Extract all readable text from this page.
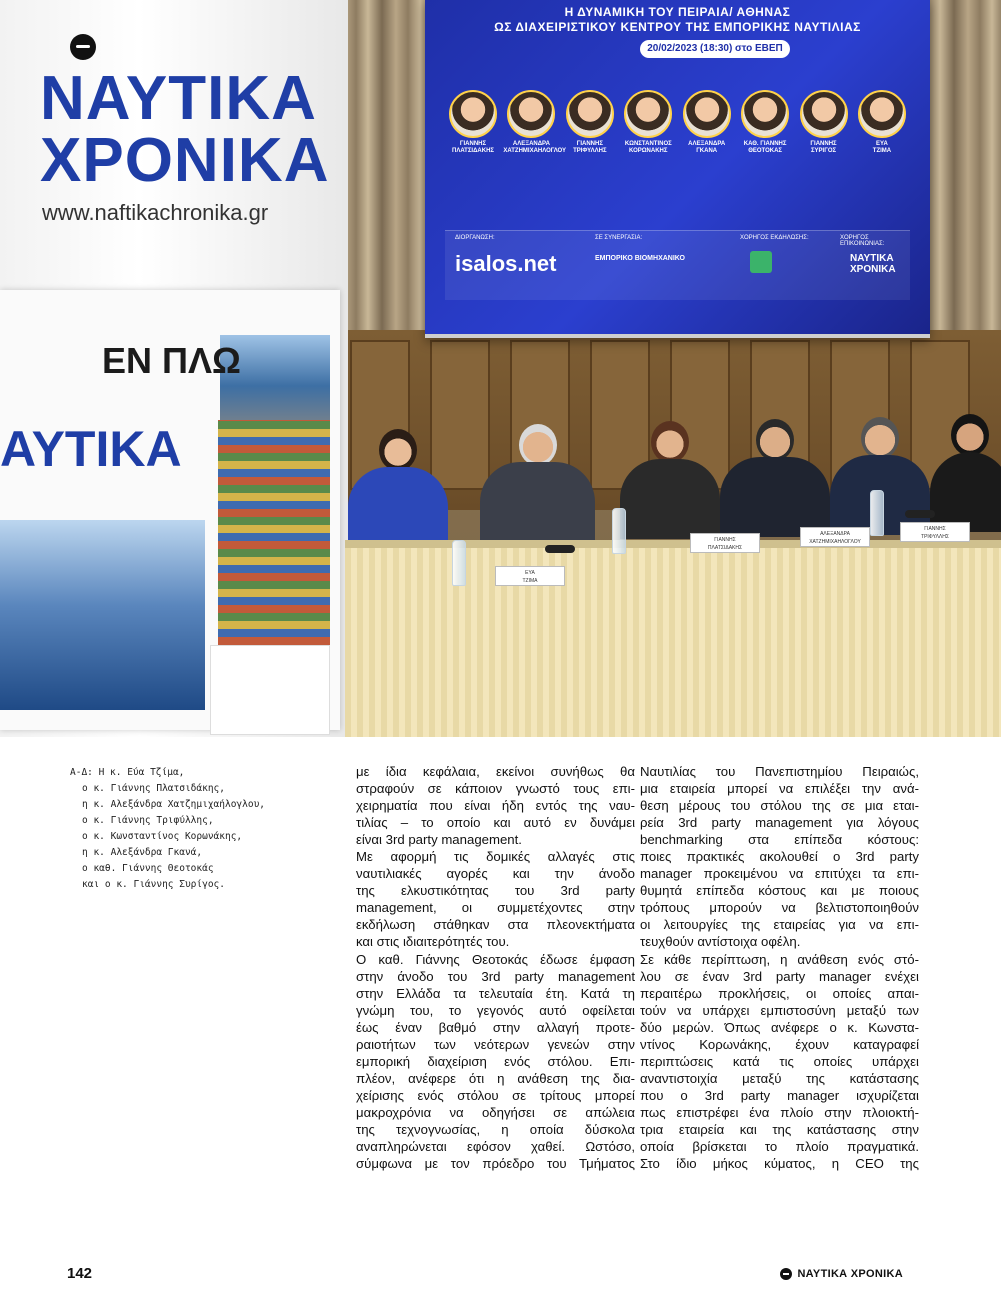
Η ΔΥΝΑΜΙΚΗ ΤΟΥ ΠΕΙΡΑΙΑ/ ΑΘΗΝΑΣ
ΩΣ ΔΙΑΧΕΙΡΙΣΤΙΚΟΥ ΚΕΝΤΡΟΥ ΤΗΣ ΕΜΠΟΡΙΚΗΣ ΝΑΥΤΙΛΙΑΣ
20/02/2023 (18:30) στο ΕΒΕΠ
ΓΙΑΝΝΗΣ
ΠΛΑΤΣΙΔΑΚΗΣ
ΑΛΕΞΑΝΔΡΑ
ΧΑΤΖΗΜΙΧΑΗΛΟΓΛΟΥ
ΓΙΑΝΝΗΣ
ΤΡΙΦΥΛΛΗΣ
ΚΩΝΣΤΑΝΤΙΝΟΣ
ΚΟΡΩΝΑΚΗΣ
ΑΛΕΞΑΝΔΡΑ
ΓΚΑΝΑ
ΚΑΘ. ΓΙΑΝΝΗΣ
ΘΕΟΤΟΚΑΣ
ΓΙΑΝΝΗΣ
ΣΥΡΙΓΟΣ
ΕΥΑ
ΤΖΙΜΑ
ΔΙΟΡΓΑΝΩΣΗ:
isalos.net
ΣΕ ΣΥΝΕΡΓΑΣΙΑ:
ΕΜΠΟΡΙΚΟ ΒΙΟΜΗΧΑΝΙΚΟ
ΧΟΡΗΓΟΣ ΕΚΔΗΛΩΣΗΣ:	ΧΟΡΗΓΟΣ ΕΠΙΚΟΙΝΩΝΙΑΣ:
ΝΑΥΤΙΚΑ
ΧΡΟΝΙΚΑ
ΝΑΥΤΙΚΑ
ΧΡΟΝΙΚΑ
www.naftikachronika.gr
ΕΝ ΠΛΩ
ΑΥΤΙΚΑ
ΕΥΑ
ΤΖΙΜΑ
ΓΙΑΝΝΗΣ
ΠΛΑΤΣΙΔΑΚΗΣ
ΑΛΕΞΑΝΔΡΑ
ΧΑΤΖΗΜΙΧΑΗΛΟΓΛΟΥ
ΓΙΑΝΝΗΣ
ΤΡΙΦΥΛΛΗΣ
Α-Δ: Η κ. Εύα Τζίμα,
ο κ. Γιάννης Πλατσιδάκης,
η κ. Αλεξάνδρα Χατζημιχαήλογλου,
ο κ. Γιάννης Τριφύλλης,
ο κ. Κωνσταντίνος Κορωνάκης,
η κ. Αλεξάνδρα Γκανά,
ο καθ. Γιάννης Θεοτοκάς
και ο κ. Γιάννης Συρίγος.
με ίδια κεφάλαια, εκείνοι συνήθως θα
στραφούν σε κάποιον γνωστό τους επι-
χειρηματία που είναι ήδη εντός της ναυ-
τιλίας – το οποίο και αυτό εν δυνάμει
είναι 3rd party management.
Με αφορμή τις δομικές αλλαγές στις
ναυτιλιακές αγορές και την άνοδο
της ελκυστικότητας του 3rd party
management, οι συμμετέχοντες στην
εκδήλωση στάθηκαν στα πλεονεκτήματα
και στις ιδιαιτερότητές του.
Ο καθ. Γιάννης Θεοτοκάς έδωσε έμφαση
στην άνοδο του 3rd party management
στην Ελλάδα τα τελευταία έτη. Κατά τη
γνώμη του, το γεγονός αυτό οφείλεται
έως έναν βαθμό στην αλλαγή προτε-
ραιοτήτων των νεότερων γενεών στην
εμπορική διαχείριση ενός στόλου. Επι-
πλέον, ανέφερε ότι η ανάθεση της δια-
χείρισης ενός στόλου σε τρίτους μπορεί
μακροχρόνια να οδηγήσει σε απώλεια
της τεχνογνωσίας, η οποία δύσκολα
αναπληρώνεται εφόσον χαθεί. Ωστόσο,
σύμφωνα με τον πρόεδρο του Τμήματος
Ναυτιλίας του Πανεπιστημίου Πειραιώς,
μια εταιρεία μπορεί να επιλέξει την ανά-
θεση μέρους του στόλου της σε μια εται-
ρεία 3rd party management για λόγους
benchmarking στα επίπεδα κόστους:
ποιες πρακτικές ακολουθεί ο 3rd party
manager προκειμένου να επιτύχει τα επι-
θυμητά επίπεδα κόστους και με ποιους
τρόπους μπορούν να βελτιστοποιηθούν
οι λειτουργίες της εταιρείας για να επι-
τευχθούν αντίστοιχα οφέλη.
Σε κάθε περίπτωση, η ανάθεση ενός στό-
λου σε έναν 3rd party manager ενέχει
περαιτέρω προκλήσεις, οι οποίες απαι-
τούν να υπάρχει εμπιστοσύνη μεταξύ των
δύο μερών. Όπως ανέφερε ο κ. Κωνστα-
ντίνος Κορωνάκης, έχουν καταγραφεί
περιπτώσεις κατά τις οποίες υπάρχει
αναντιστοιχία μεταξύ της κατάστασης
που ο 3rd party manager ισχυρίζεται
πως επιστρέφει ένα πλοίο στην πλοιοκτή-
τρια εταιρεία και της κατάστασης στην
οποία βρίσκεται το πλοίο πραγματικά.
Στο ίδιο μήκος κύματος, η CEO της
142	ΝΑΥΤΙΚΑ ΧΡΟΝΙΚΑ
